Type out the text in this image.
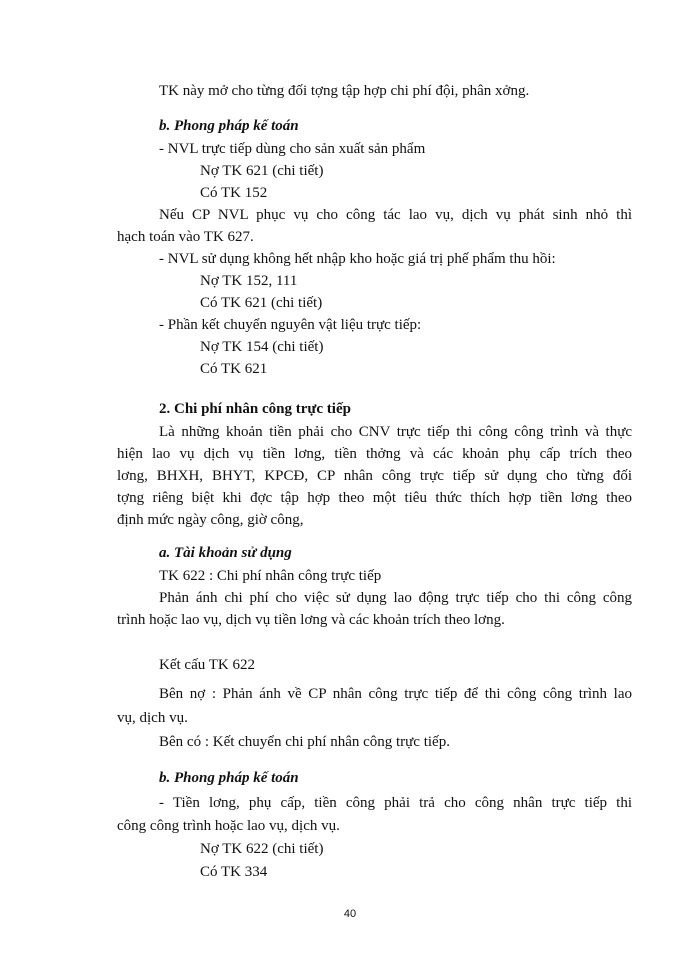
TK này mở cho từng đối tợng tập hợp chi phí đội, phân xởng.
b. Phong pháp kế toán
- NVL trực tiếp dùng cho sản xuất sản phẩm
Nợ TK 621 (chi tiết)
Có TK 152
Nếu CP NVL phục vụ cho công tác lao vụ, dịch vụ phát sinh nhỏ thì
hạch toán vào TK 627.
- NVL sử dụng không hết nhập kho hoặc giá trị phế phẩm thu hồi:
Nợ TK 152, 111
Có TK 621 (chi tiết)
- Phần kết chuyển nguyên vật liệu trực tiếp:
Nợ TK 154 (chi tiết)
Có TK 621
2. Chi phí nhân công trực tiếp
Là những khoản tiền phải cho CNV trực tiếp thi công công trình và thực
hiện lao vụ dịch vụ tiền lơng, tiền thởng và các khoản phụ cấp trích theo
lơng, BHXH, BHYT, KPCĐ, CP nhân công trực tiếp sử dụng cho từng đối
tợng riêng biệt khi đợc tập hợp theo một tiêu thức thích hợp tiền lơng theo
định mức ngày công, giờ công,
a. Tài khoản sử dụng
TK 622 : Chi phí nhân công trực tiếp
Phản ánh chi phí cho việc sử dụng lao động trực tiếp cho thi công công
trình hoặc lao vụ, dịch vụ tiền lơng và các khoản trích theo lơng.
Kết cấu TK 622
Bên nợ : Phản ánh về CP nhân công trực tiếp để thi công công trình lao
vụ, dịch vụ.
Bên có : Kết chuyển chi phí nhân công trực tiếp.
b. Phong pháp kế toán
- Tiền lơng, phụ cấp, tiền công phải trả cho công nhân trực tiếp thi
công công trình hoặc lao vụ, dịch vụ.
Nợ TK 622 (chi tiết)
Có TK 334
40
